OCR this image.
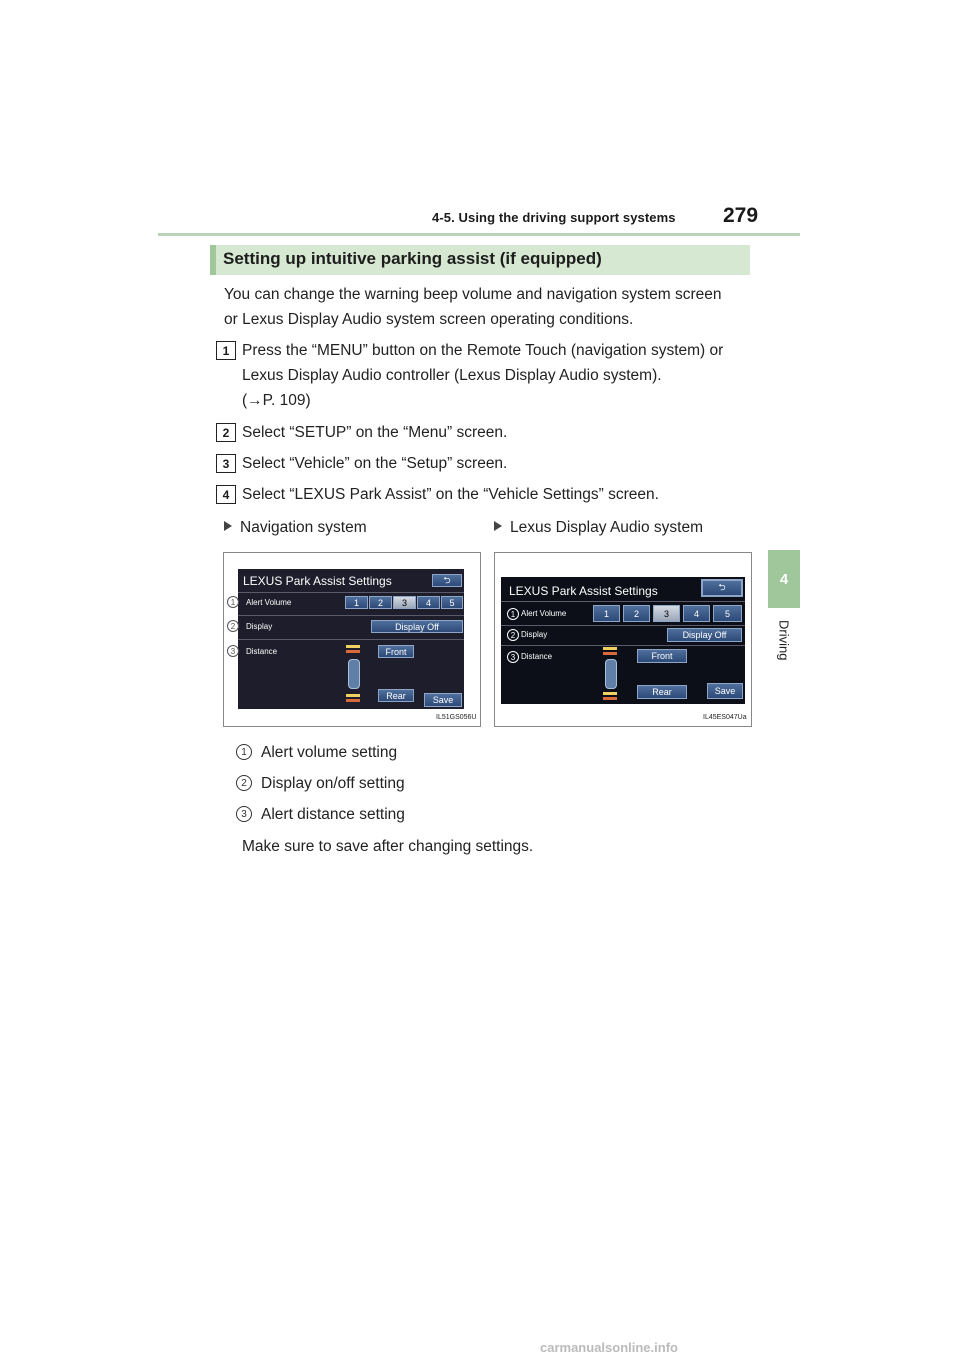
4-5. Using the driving support systems 279
4
Driving
Setting up intuitive parking assist (if equipped)
You can change the warning beep volume and navigation system screen
or Lexus Display Audio system screen operating conditions.
1 Press the “MENU” button on the Remote Touch (navigation system) or
Lexus Display Audio controller (Lexus Display Audio system).
(→P. 109)
2 Select “SETUP” on the “Menu” screen.
3 Select “Vehicle” on the “Setup” screen.
4 Select “LEXUS Park Assist” on the “Vehicle Settings” screen.
Navigation system	Lexus Display Audio system
LEXUS Park Assist Settings	⮌
Alert Volume	1	2	3	4	5
Display	Display Off
Distance	Front
Rear	Save
1
2
3
IL51GS056U
LEXUS Park Assist Settings	⮌
Alert Volume	1	2	3	4	5
Display	Display Off
Distance	Front
Rear	Save
1
2
3
IL45ES047Ua
1 Alert volume setting
2 Display on/off setting
3 Alert distance setting
Make sure to save after changing settings.
carmanualsonline.info
